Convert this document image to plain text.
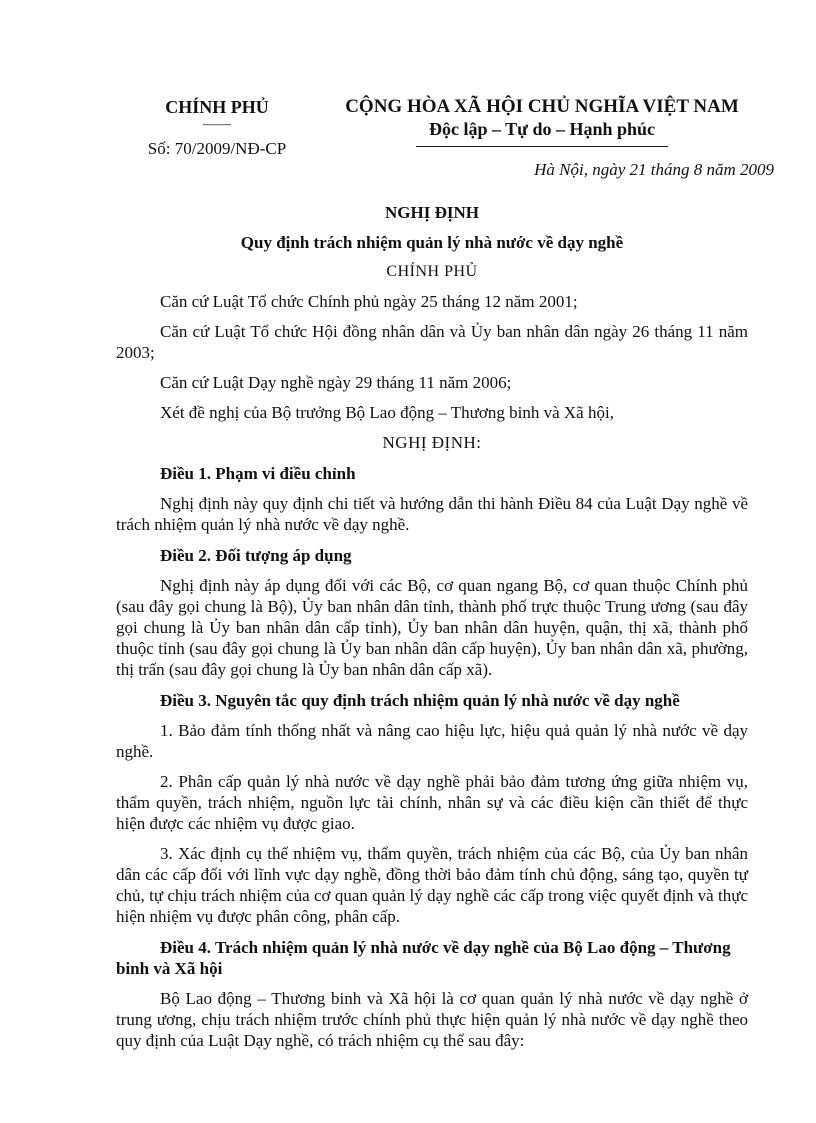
CHÍNH PHỦ
——
Số: 70/2009/NĐ-CP
CỘNG HÒA XÃ HỘI CHỦ NGHĨA VIỆT NAM
Độc lập – Tự do – Hạnh phúc
Hà Nội, ngày 21 tháng 8 năm 2009
NGHỊ ĐỊNH
Quy định trách nhiệm quản lý nhà nước về dạy nghề
CHÍNH PHỦ

Căn cứ Luật Tổ chức Chính phủ ngày 25 tháng 12 năm 2001;

Căn cứ Luật Tổ chức Hội đồng nhân dân và Ủy ban nhân dân ngày 26 tháng 11 năm 2003;

Căn cứ Luật Dạy nghề ngày 29 tháng 11 năm 2006;

Xét đề nghị của Bộ trưởng Bộ Lao động – Thương binh và Xã hội,

NGHỊ ĐỊNH:

Điều 1. Phạm vi điều chỉnh

Nghị định này quy định chi tiết và hướng dẫn thi hành Điều 84 của Luật Dạy nghề về trách nhiệm quản lý nhà nước về dạy nghề.

Điều 2. Đối tượng áp dụng

Nghị định này áp dụng đối với các Bộ, cơ quan ngang Bộ, cơ quan thuộc Chính phủ (sau đây gọi chung là Bộ), Ủy ban nhân dân tỉnh, thành phố trực thuộc Trung ương (sau đây gọi chung là Ủy ban nhân dân cấp tỉnh), Ủy ban nhân dân huyện, quận, thị xã, thành phố thuộc tỉnh (sau đây gọi chung là Ủy ban nhân dân cấp huyện), Ủy ban nhân dân xã, phường, thị trấn (sau đây gọi chung là Ủy ban nhân dân cấp xã).

Điều 3. Nguyên tắc quy định trách nhiệm quản lý nhà nước về dạy nghề

1. Bảo đảm tính thống nhất và nâng cao hiệu lực, hiệu quả quản lý nhà nước về dạy nghề.

2. Phân cấp quản lý nhà nước về dạy nghề phải bảo đảm tương ứng giữa nhiệm vụ, thẩm quyền, trách nhiệm, nguồn lực tài chính, nhân sự và các điều kiện cần thiết để thực hiện được các nhiệm vụ được giao.

3. Xác định cụ thể nhiệm vụ, thẩm quyền, trách nhiệm của các Bộ, của Ủy ban nhân dân các cấp đối với lĩnh vực dạy nghề, đồng thời bảo đảm tính chủ động, sáng tạo, quyền tự chủ, tự chịu trách nhiệm của cơ quan quản lý dạy nghề các cấp trong việc quyết định và thực hiện nhiệm vụ được phân công, phân cấp.

Điều 4. Trách nhiệm quản lý nhà nước về dạy nghề của Bộ Lao động – Thương binh và Xã hội

Bộ Lao động – Thương binh và Xã hội là cơ quan quản lý nhà nước về dạy nghề ở trung ương, chịu trách nhiệm trước chính phủ thực hiện quản lý nhà nước về dạy nghề theo quy định của Luật Dạy nghề, có trách nhiệm cụ thể sau đây:
